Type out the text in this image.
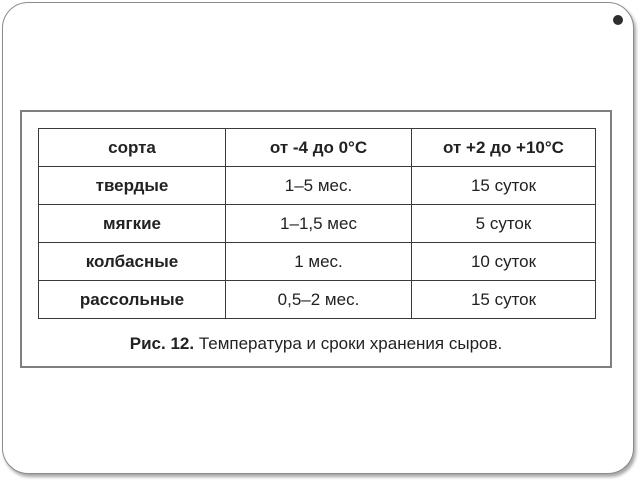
сорта	от -4 до 0°C	от +2 до +10°C
твердые	1–5 мес.	15 суток
мягкие	1–1,5 мес	5 суток
колбасные	1 мес.	10 суток
рассольные	0,5–2 мес.	15 суток
Рис. 12. Температура и сроки хранения сыров.
